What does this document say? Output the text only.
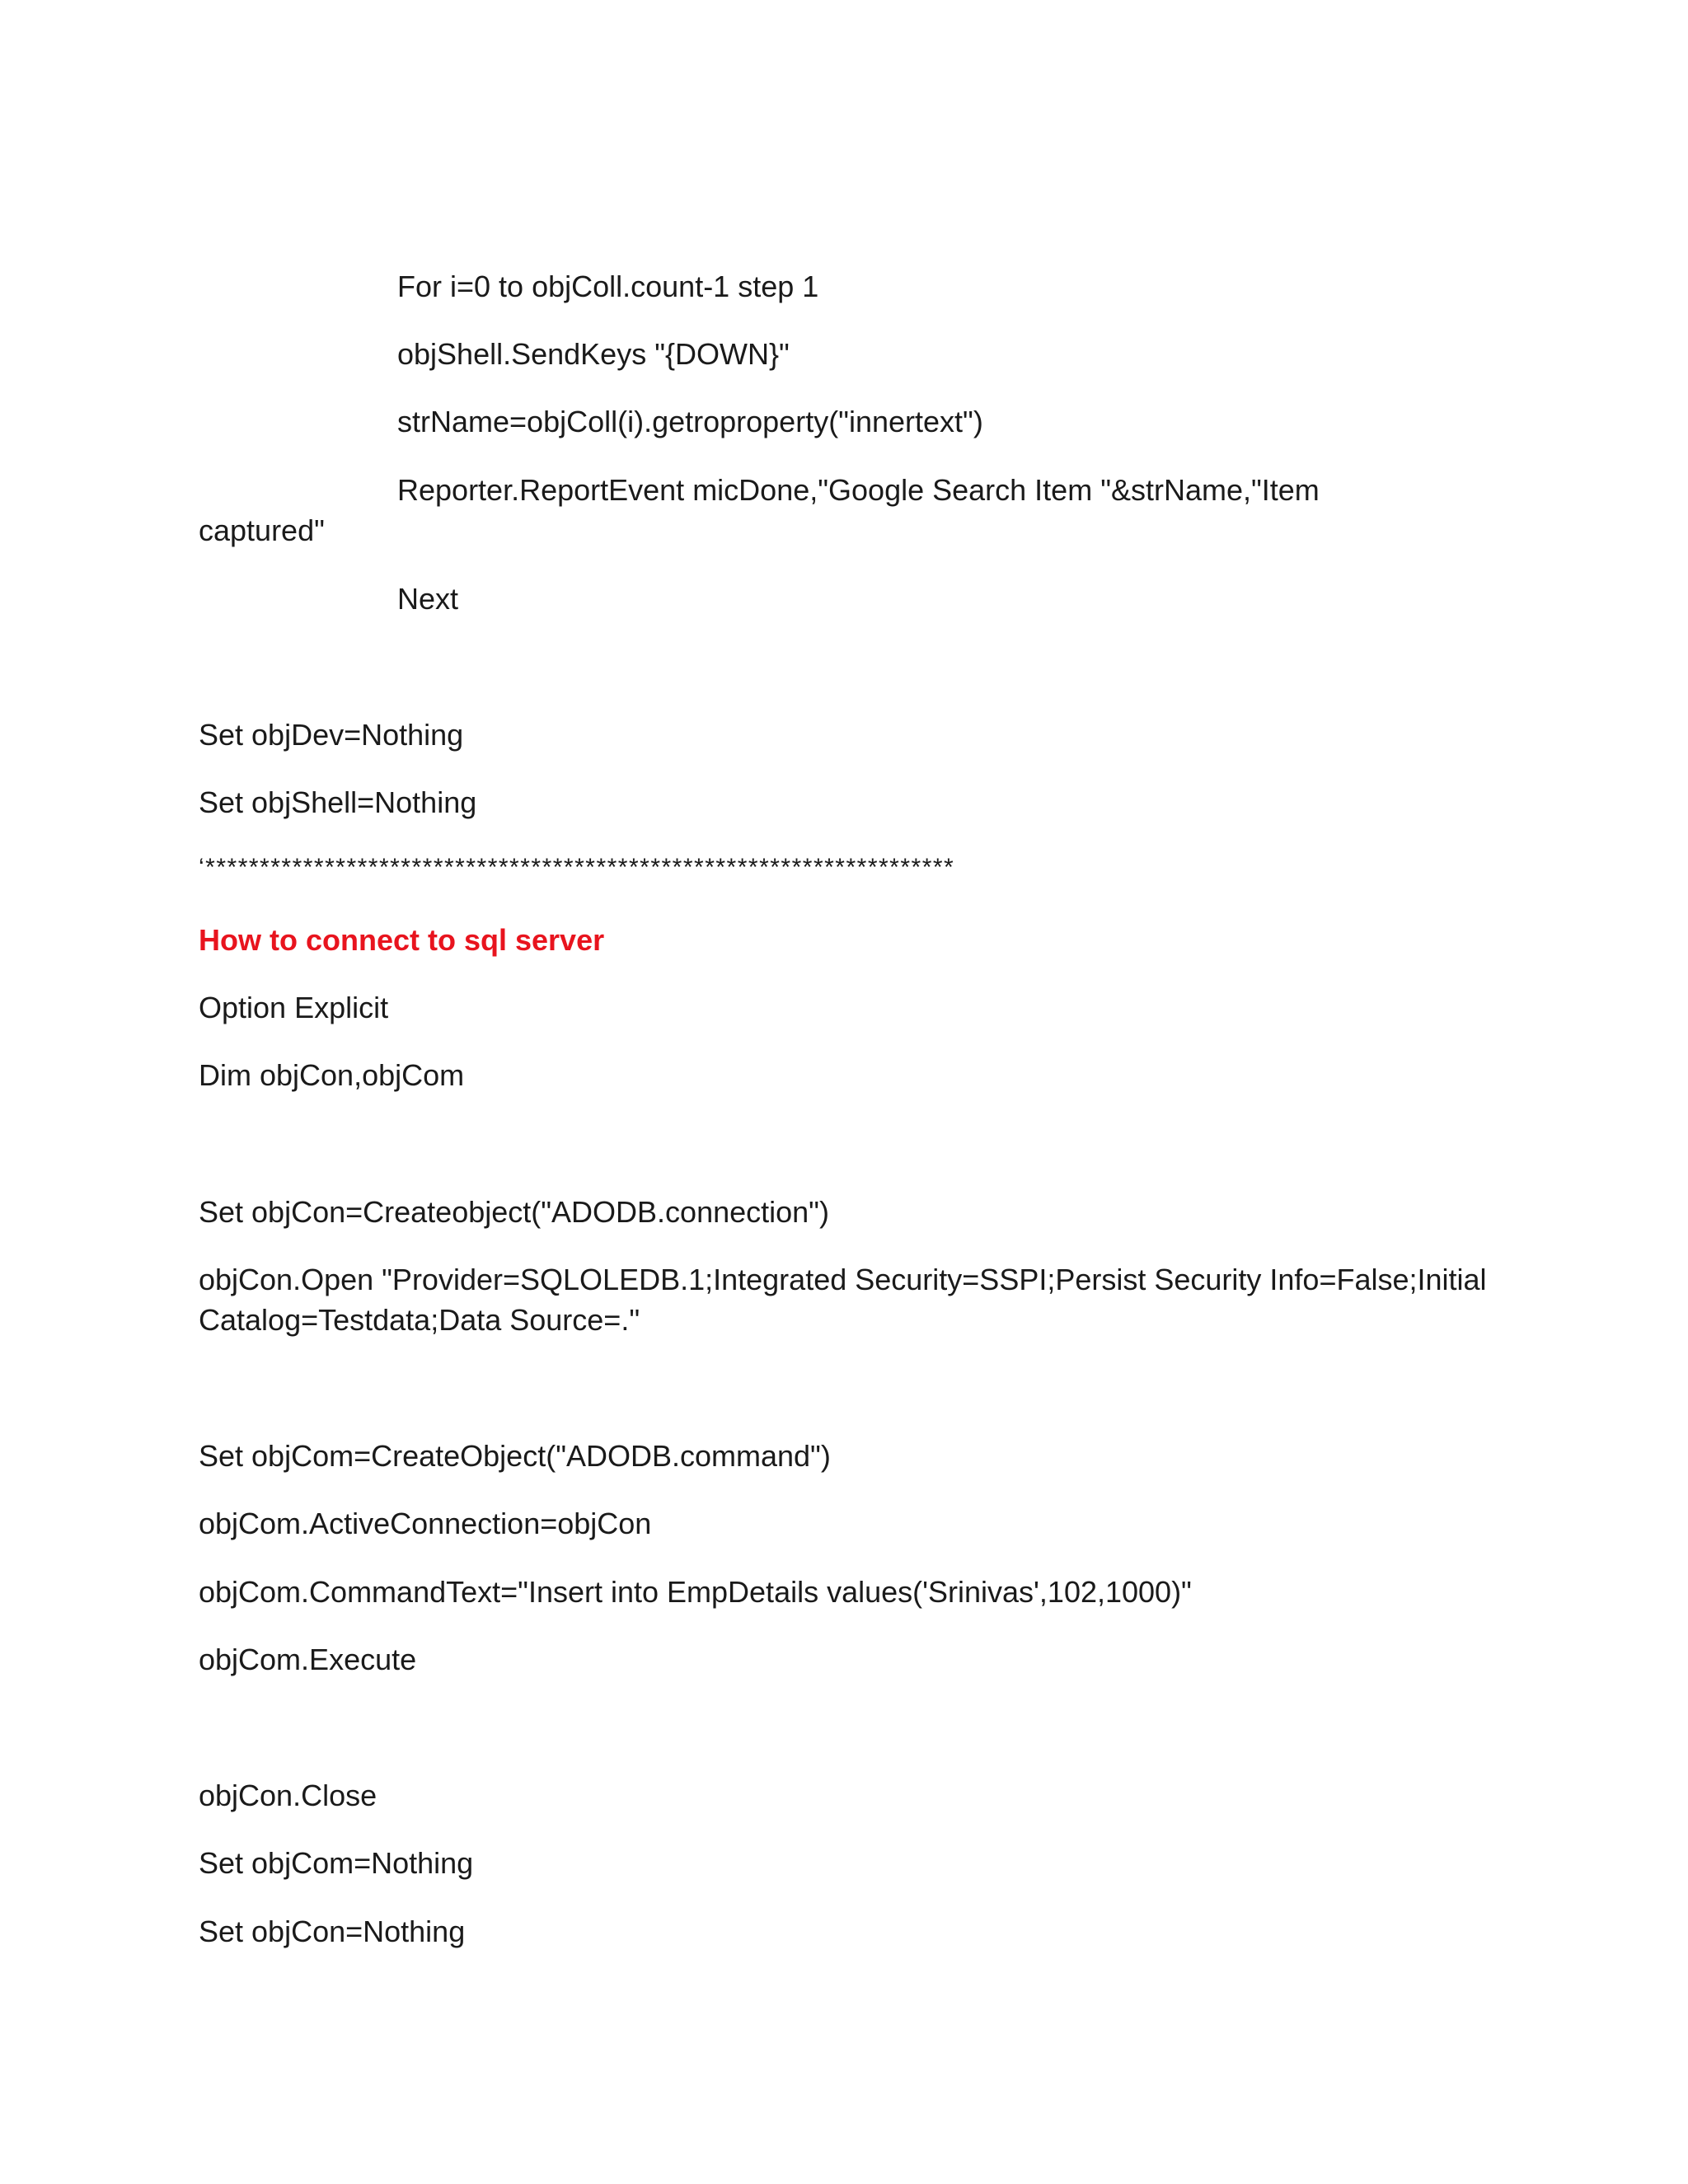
For i=0 to objColl.count-1 step 1

objShell.SendKeys "{DOWN}"

strName=objColl(i).getroproperty("innertext")

Reporter.ReportEvent micDone,"Google Search Item "&strName,"Item captured"

Next

Set objDev=Nothing

Set objShell=Nothing

‘*********************************************************************

How to connect to sql server

Option Explicit

Dim objCon,objCom

Set objCon=Createobject("ADODB.connection")

objCon.Open "Provider=SQLOLEDB.1;Integrated Security=SSPI;Persist Security Info=False;Initial Catalog=Testdata;Data Source=."

Set objCom=CreateObject("ADODB.command")

objCom.ActiveConnection=objCon

objCom.CommandText="Insert into EmpDetails values('Srinivas',102,1000)"

objCom.Execute

objCon.Close

Set objCom=Nothing

Set objCon=Nothing
